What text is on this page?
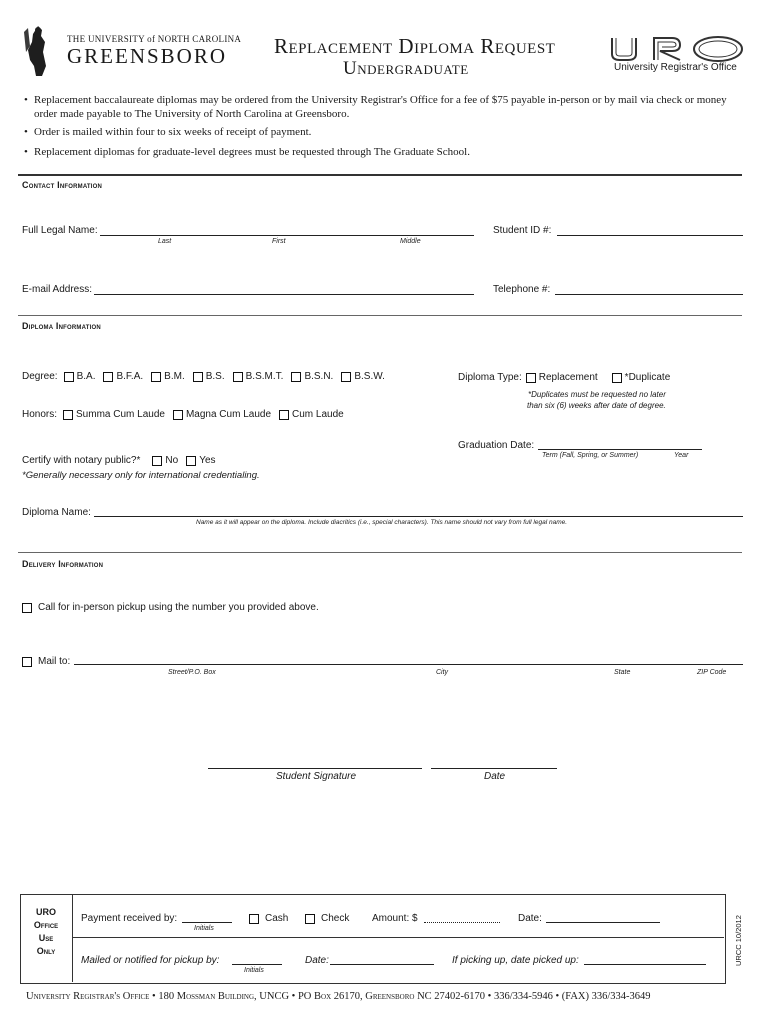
THE UNIVERSITY of NORTH CAROLINA
GREENSBORO Replacement Diploma Request
Undergraduate	University Registrar's Office
• Replacement baccalaureate diplomas may be ordered from the University Registrar's Office for a fee of $75 payable in-person or by mail via check or money order made payable to The University of North Carolina at Greensboro.
• Order is mailed within four to six weeks of receipt of payment.
• Replacement diplomas for graduate-level degrees must be requested through The Graduate School.
Contact Information
Full Legal Name:
Last	First	Middle
Student ID #:
E-mail Address:	Telephone #:
Diploma Information
Degree: B.A. B.F.A. B.M. B.S. B.S.M.T. B.S.N. B.S.W.	Diploma Type: Replacement	*Duplicate
*Duplicates must be requested no later
than six (6) weeks after date of degree.
Honors: Summa Cum Laude Magna Cum Laude Cum Laude
Graduation Date:
Term (Fall, Spring, or Summer)	Year
Certify with notary public?*	No Yes
*Generally necessary only for international credentialing.
Diploma Name:
Name as it will appear on the diploma. Include diacritics (i.e., special characters). This name should not vary from full legal name.
Delivery Information
Call for in-person pickup using the number you provided above.
Mail to:
Street/P.O. Box	City	State	ZIP Code
Student Signature	Date
URO
Office
Use
Only
Payment received by:
Initials
Cash	Check Amount: $	Date:
Mailed or notified for pickup by:
Initials
Date:	If picking up, date picked up:	URCC 10/2012
University Registrar's Office • 180 Mossman Building, UNCG • PO Box 26170, Greensboro NC 27402-6170 • 336/334-5946 • (FAX) 336/334-3649
